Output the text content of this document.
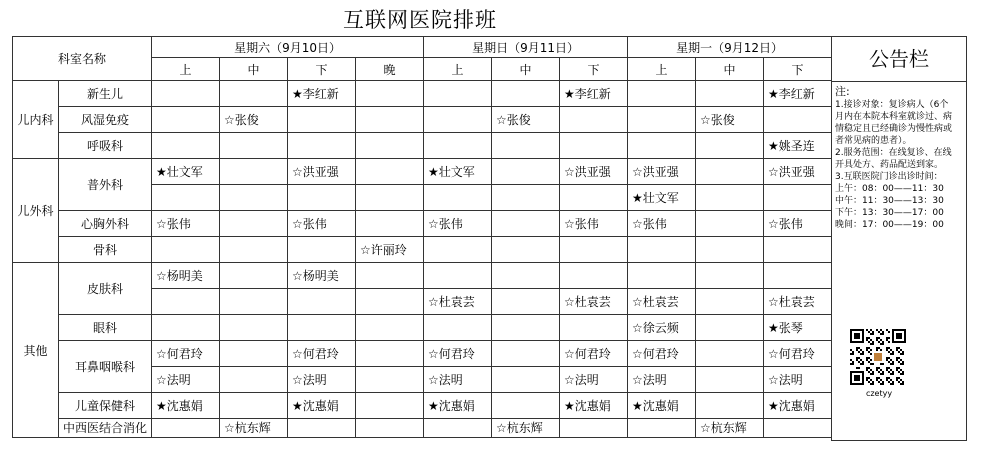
互联网医院排班
科室名称		星期六（9月10日）				星期日（9月11日）			星期一（9月12日）		
		上	中	下	晚	上	中	下	上	中	下
儿内科	新生儿			★李红新				★李红新			★李红新
	风湿免疫		☆张俊				☆张俊			☆张俊	
	呼吸科										★姚圣连
儿外科	普外科	★壮文军		☆洪亚强		★壮文军		☆洪亚强	☆洪亚强		☆洪亚强
									★壮文军		
	心胸外科	☆张伟		☆张伟		☆张伟		☆张伟	☆张伟		☆张伟
	骨科				☆许丽玲						
其他	皮肤科	☆杨明美		☆杨明美							
						☆杜袁芸		☆杜袁芸	☆杜袁芸		☆杜袁芸
	眼科								☆徐云频		★张琴
	耳鼻咽喉科	☆何君玲		☆何君玲		☆何君玲		☆何君玲	☆何君玲		☆何君玲
		☆法明		☆法明		☆法明		☆法明	☆法明		☆法明
	儿童保健科	★沈惠娟		★沈惠娟		★沈惠娟		★沈惠娟	★沈惠娟		★沈惠娟
	中西医结合消化		☆杭东辉				☆杭东辉			☆杭东辉	
公告栏
注:
1.接诊对象：复诊病人（6个
月内在本院本科室就诊过、病
情稳定且已经确诊为慢性病或
者常见病的患者）。
2.服务范围：在线复诊、在线
开具处方、药品配送到家。
3.互联医院门诊出诊时间：
上午：08：00——11：30
中午：11：30——13：30
下午：13：30——17：00
晚间：17：00——19：00
czetyy
